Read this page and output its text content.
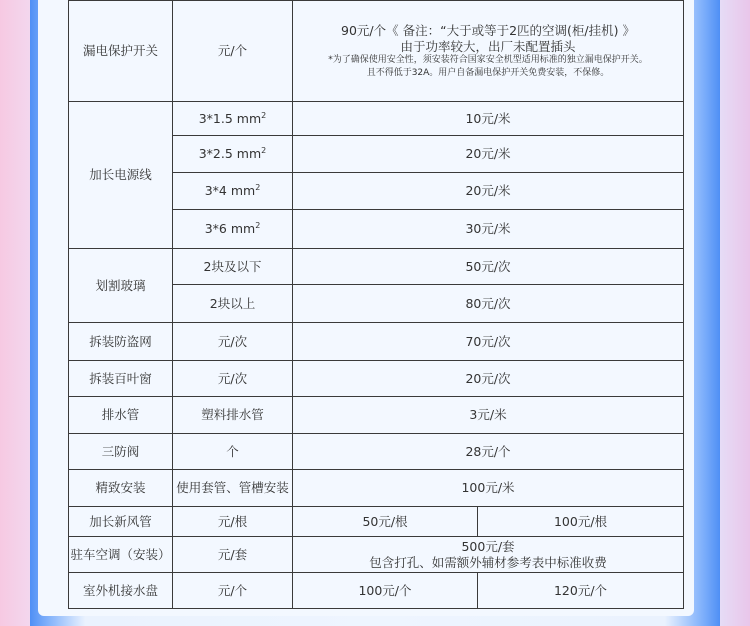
漏电保护开关	元/个	90元/个《 备注：“大于或等于2匹的空调(柜/挂机) 》
由于功率较大，出厂未配置插头
*为了确保使用安全性，须安装符合国家安全机型适用标准的独立漏电保护开关。
且不得低于32A。用户自备漏电保护开关免费安装，不保修。	

加长电源线	3*1.5 $mm^2$	10元/米	
	3*2.5 $mm^2$	20元/米	
	3*4 $mm^2$	20元/米	
	3*6 $mm^2$	30元/米	
划割玻璃	2块及以下	50元/次	
	2块以上	80元/次	
拆装防盗网	元/次	70元/次	
拆装百叶窗	元/次	20元/次	
排水管	塑料排水管	3元/米	
三防阀	个	28元/个	
精致安装	使用套管、管槽安装	100元/米	
加长新风管	元/根	50元/根	100元/根
驻车空调（安装）	元/套	500元/套
包含打孔、如需额外辅材参考表中标准收费	

室外机接水盘	元/个	100元/个	120元/个
